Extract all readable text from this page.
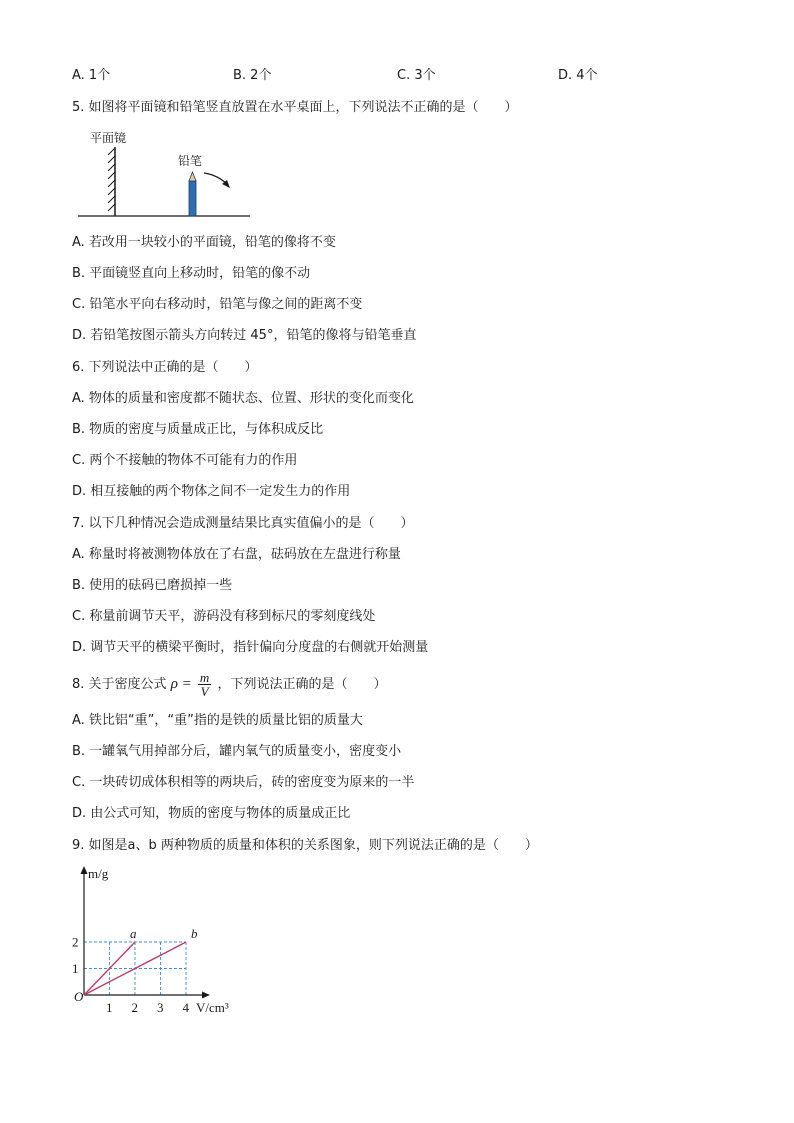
A. 1个	B. 2个	C. 3个	D. 4个
5. 如图将平面镜和铅笔竖直放置在水平桌面上，下列说法不正确的是（　　）
平面镜
铅笔
A. 若改用一块较小的平面镜，铅笔的像将不变
B. 平面镜竖直向上移动时，铅笔的像不动
C. 铅笔水平向右移动时，铅笔与像之间的距离不变
D. 若铅笔按图示箭头方向转过 45°，铅笔的像将与铅笔垂直
6. 下列说法中正确的是（　　）
A. 物体的质量和密度都不随状态、位置、形状的变化而变化
B. 物质的密度与质量成正比，与体积成反比
C. 两个不接触的物体不可能有力的作用
D. 相互接触的两个物体之间不一定发生力的作用
7. 以下几种情况会造成测量结果比真实值偏小的是（　　）
A. 称量时将被测物体放在了右盘，砝码放在左盘进行称量
B. 使用的砝码已磨损掉一些
C. 称量前调节天平，游码没有移到标尺的零刻度线处
D. 调节天平的横梁平衡时，指针偏向分度盘的右侧就开始测量
8. 关于密度公式 $\rho = \frac{m}{V}$ ，下列说法正确的是（　　）
A. 铁比铝“重”，“重”指的是铁的质量比铝的质量大
B. 一罐氧气用掉部分后，罐内氧气的质量变小，密度变小
C. 一块砖切成体积相等的两块后，砖的密度变为原来的一半
D. 由公式可知，物质的密度与物体的质量成正比
9. 如图是a、b 两种物质的质量和体积的关系图象，则下列说法正确的是（　　）
O
1 2 3 4
1
2
a	b
m/g
V/cm³
